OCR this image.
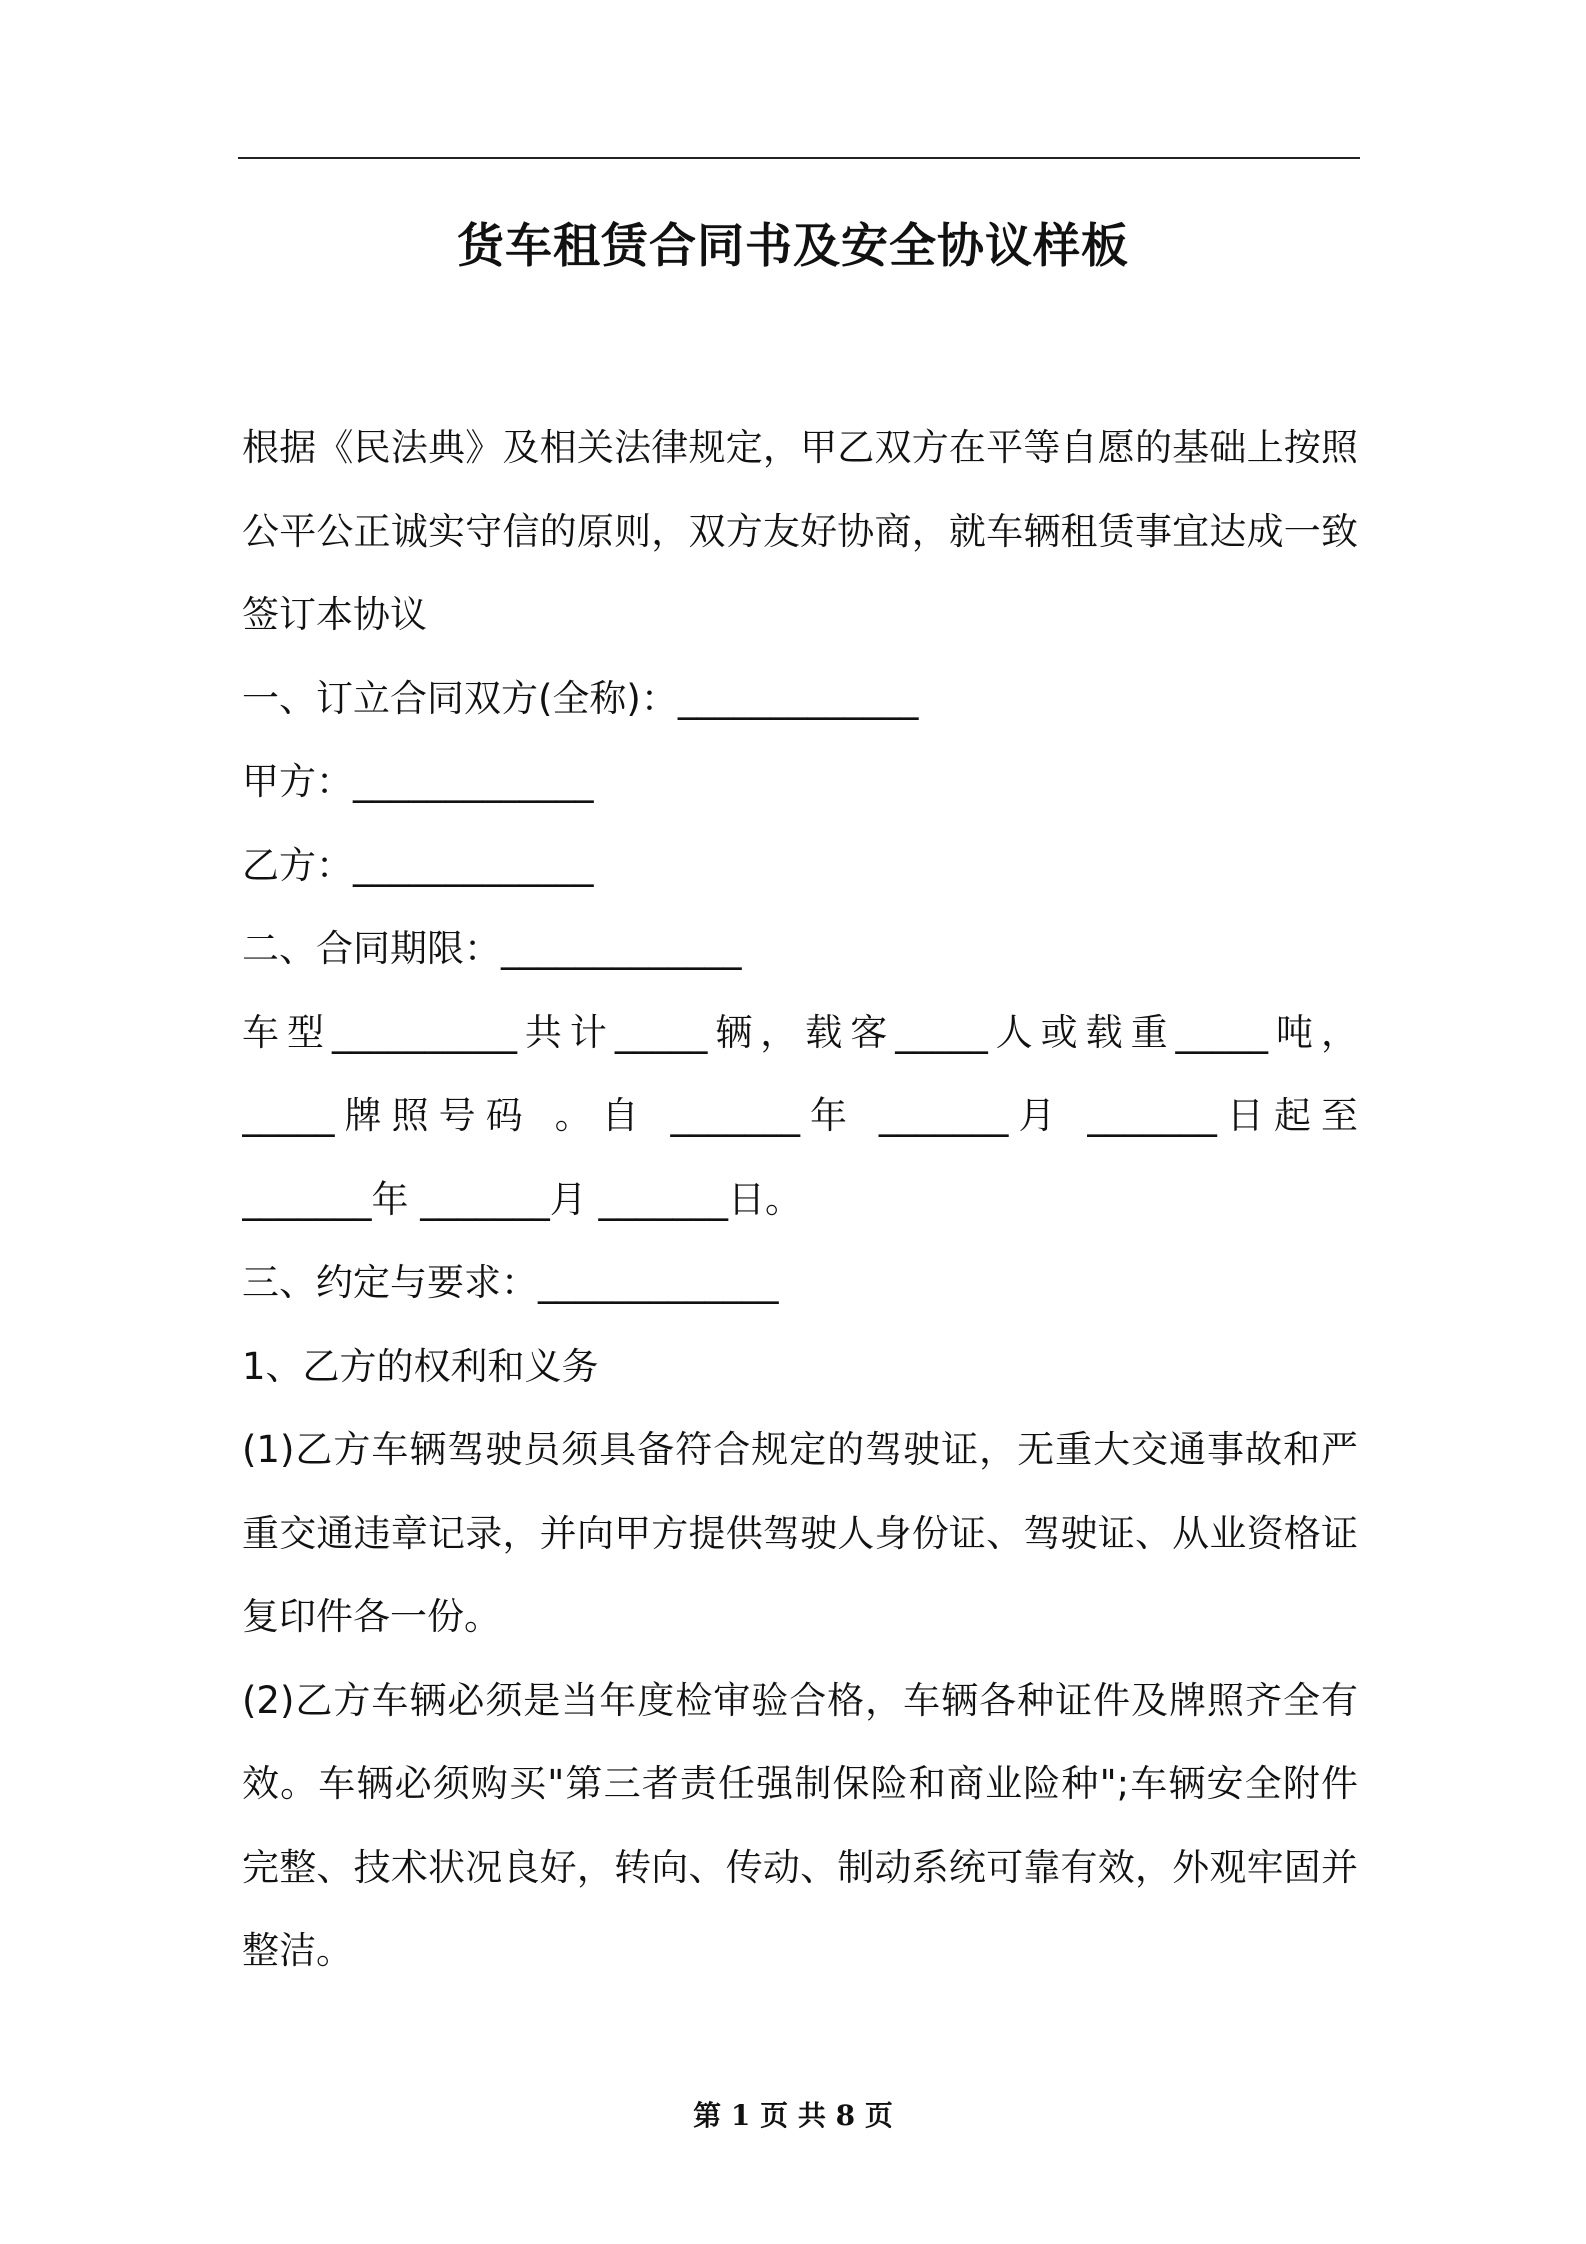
货车租赁合同书及安全协议样板
根据《民法典》及相关法律规定，甲乙双方在平等自愿的基础上按照
公平公正诚实守信的原则，双方友好协商，就车辆租赁事宜达成一致
签订本协议
一、订立合同双方(全称)：_____________
甲方：_____________
乙方：_____________
二、合同期限：_____________
车型__________共计_____辆，载客_____人或载重_____吨，
_____牌照号码 。自 _______年 _______月 _______日起至
_______年 _______月 _______日。
三、约定与要求：_____________
1、乙方的权利和义务
(1)乙方车辆驾驶员须具备符合规定的驾驶证，无重大交通事故和严
重交通违章记录，并向甲方提供驾驶人身份证、驾驶证、从业资格证
复印件各一份。
(2)乙方车辆必须是当年度检审验合格，车辆各种证件及牌照齐全有
效。车辆必须购买"第三者责任强制保险和商业险种";车辆安全附件
完整、技术状况良好，转向、传动、制动系统可靠有效，外观牢固并
整洁。
第 1 页 共 8 页
